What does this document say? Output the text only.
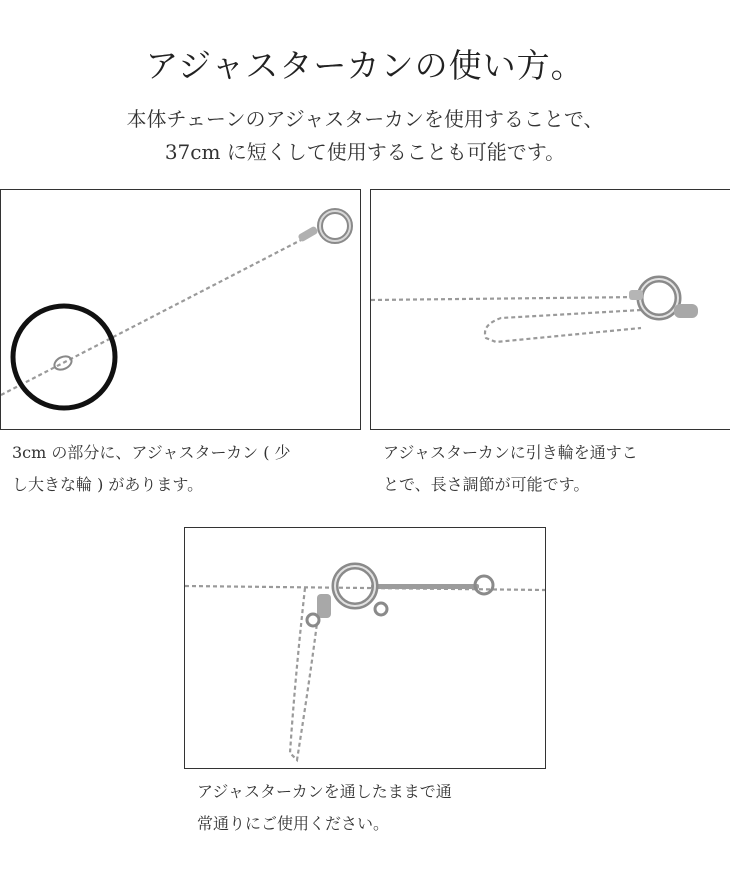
アジャスターカンの使い方。
本体チェーンのアジャスターカンを使用することで、
37cm に短くして使用することも可能です。
3cm の部分に、アジャスターカン ( 少
し大きな輪 ) があります。
アジャスターカンに引き輪を通すこ
とで、長さ調節が可能です。
アジャスターカンを通したままで通
常通りにご使用ください。
